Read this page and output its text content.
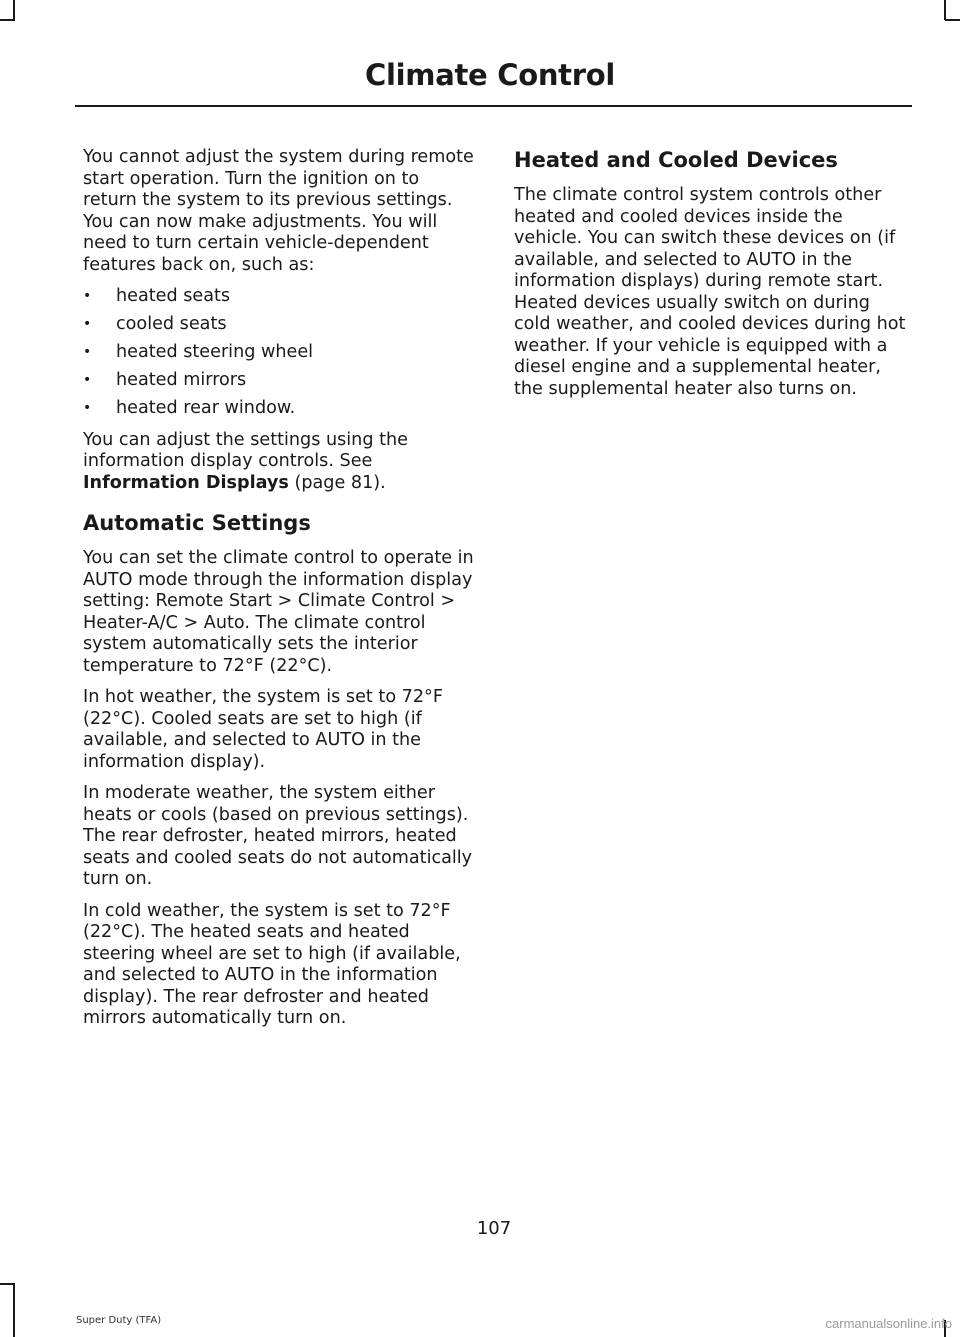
Climate Control

You cannot adjust the system during remote start operation. Turn the ignition on to return the system to its previous settings. You can now make adjustments. You will need to turn certain vehicle-dependent features back on, such as:

• heated seats
• cooled seats
• heated steering wheel
• heated mirrors
• heated rear window.

You can adjust the settings using the information display controls. See Information Displays (page 81).

Automatic Settings

You can set the climate control to operate in AUTO mode through the information display setting: Remote Start > Climate Control > Heater-A/C > Auto. The climate control system automatically sets the interior temperature to 72°F (22°C).

In hot weather, the system is set to 72°F (22°C). Cooled seats are set to high (if available, and selected to AUTO in the information display).

In moderate weather, the system either heats or cools (based on previous settings). The rear defroster, heated mirrors, heated seats and cooled seats do not automatically turn on.

In cold weather, the system is set to 72°F (22°C). The heated seats and heated steering wheel are set to high (if available, and selected to AUTO in the information display). The rear defroster and heated mirrors automatically turn on.

Heated and Cooled Devices

The climate control system controls other heated and cooled devices inside the vehicle. You can switch these devices on (if available, and selected to AUTO in the information displays) during remote start. Heated devices usually switch on during cold weather, and cooled devices during hot weather. If your vehicle is equipped with a diesel engine and a supplemental heater, the supplemental heater also turns on.

107
Super Duty (TFA)	carmanualsonline.info
